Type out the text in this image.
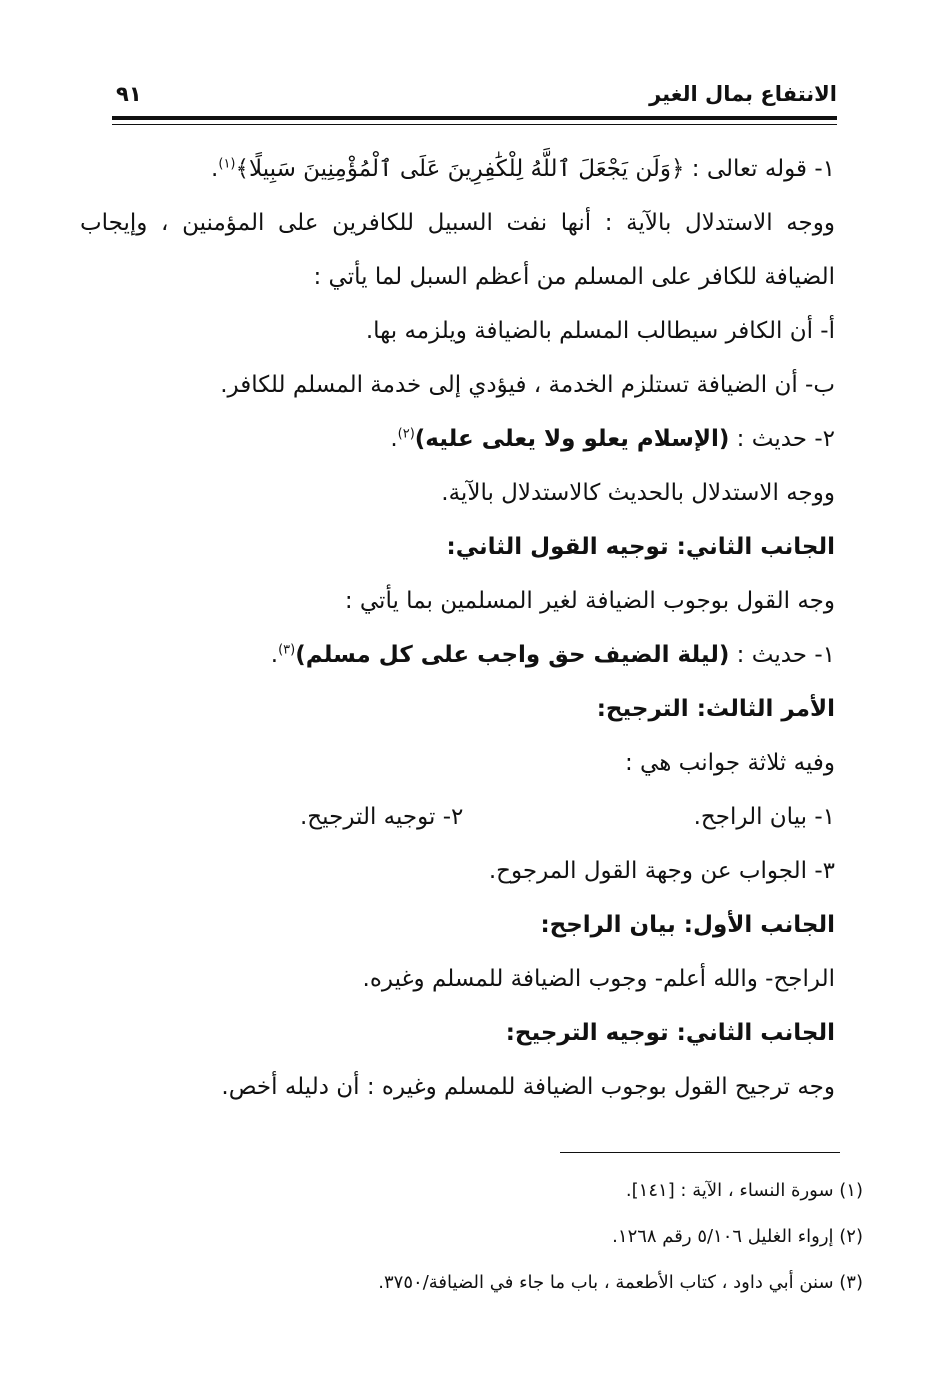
الانتفاع بمال الغير
٩١
١- قوله تعالى : ﴿وَلَن يَجْعَلَ ٱللَّهُ لِلْكَٰفِرِينَ عَلَى ٱلْمُؤْمِنِينَ سَبِيلًا﴾$^{(١)}$.
ووجه الاستدلال بالآية : أنها نفت السبيل للكافرين على المؤمنين ، وإيجاب
الضيافة للكافر على المسلم من أعظم السبل لما يأتي :
أ- أن الكافر سيطالب المسلم بالضيافة ويلزمه بها.
ب- أن الضيافة تستلزم الخدمة ، فيؤدي إلى خدمة المسلم للكافر.
٢- حديث : (الإسلام يعلو ولا يعلى عليه)$^{(٢)}$.
ووجه الاستدلال بالحديث كالاستدلال بالآية.
الجانب الثاني: توجيه القول الثاني:
وجه القول بوجوب الضيافة لغير المسلمين بما يأتي :
١- حديث : (ليلة الضيف حق واجب على كل مسلم)$^{(٣)}$.
الأمر الثالث: الترجيح:
وفيه ثلاثة جوانب هي :
١- بيان الراجح.
٢- توجيه الترجيح.
٣- الجواب عن وجهة القول المرجوح.
الجانب الأول: بيان الراجح:
الراجح- والله أعلم- وجوب الضيافة للمسلم وغيره.
الجانب الثاني: توجيه الترجيح:
وجه ترجيح القول بوجوب الضيافة للمسلم وغيره : أن دليله أخص.
(١) سورة النساء ، الآية : [١٤١].
(٢) إرواء الغليل ٥/١٠٦ رقم ١٢٦٨.
(٣) سنن أبي داود ، كتاب الأطعمة ، باب ما جاء في الضيافة/٣٧٥٠.
